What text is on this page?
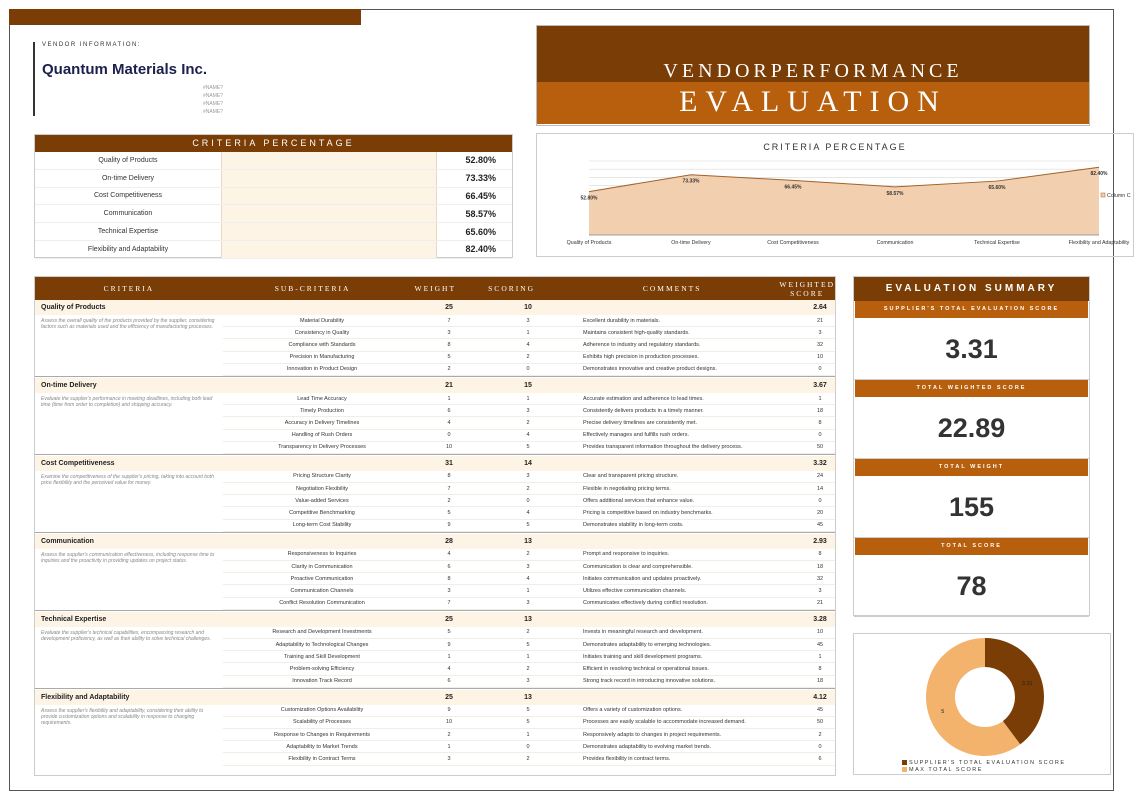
VENDOR INFORMATION:
Quantum Materials Inc.
#NAME?
#NAME?
#NAME?
#NAME?
VENDORPERFORMANCE
EVALUATION
CRITERIA PERCENTAGE
Quality of Products	52.80%
On-time Delivery	73.33%
Cost Competitiveness	66.45%
Communication	58.57%
Technical Expertise	65.60%
Flexibility and Adaptability	82.40%
CRITERIA PERCENTAGE
52.80%
73.33%
66.45%
58.57%
65.60%
82.40%
Quality of Products	On-time Delivery	Cost Competitiveness	Communication	Technical Expertise	Flexibility and Adaptability
Column C
CRITERIA	SUB-CRITERIA	WEIGHT	SCORING	COMMENTS	WEIGHTED SCORE
Quality of Products	25	10	2.64
Assess the overall quality of the products provided by the supplier, considering factors such as materials used and the efficiency of manufacturing processes.
Material Durability	7	3	Excellent durability in materials.	21
Consistency in Quality	3	1	Maintains consistent high-quality standards.	3
Compliance with Standards	8	4	Adherence to industry and regulatory standards.	32
Precision in Manufacturing	5	2	Exhibits high precision in production processes.	10
Innovation in Product Design	2	0	Demonstrates innovative and creative product designs.	0
On-time Delivery	21	15	3.67
Evaluate the supplier's performance in meeting deadlines, including both lead time (time from order to completion) and shipping accuracy.
Lead Time Accuracy	1	1	Accurate estimation and adherence to lead times.	1
Timely Production	6	3	Consistently delivers products in a timely manner.	18
Accuracy in Delivery Timelines	4	2	Precise delivery timelines are consistently met.	8
Handling of Rush Orders	0	4	Effectively manages and fulfills rush orders.	0
Transparency in Delivery Processes	10	5	Provides transparent information throughout the delivery process.	50
Cost Competitiveness	31	14	3.32
Examine the competitiveness of the supplier's pricing, taking into account both price flexibility and the perceived value for money.
Pricing Structure Clarity	8	3	Clear and transparent pricing structure.	24
Negotiation Flexibility	7	2	Flexible in negotiating pricing terms.	14
Value-added Services	2	0	Offers additional services that enhance value.	0
Competitive Benchmarking	5	4	Pricing is competitive based on industry benchmarks.	20
Long-term Cost Stability	9	5	Demonstrates stability in long-term costs.	45
Communication	28	13	2.93
Assess the supplier's communication effectiveness, including response time to inquiries and the proactivity in providing updates on project status.
Responsiveness to Inquiries	4	2	Prompt and responsive to inquiries.	8
Clarity in Communication	6	3	Communication is clear and comprehensible.	18
Proactive Communication	8	4	Initiates communication and updates proactively.	32
Communication Channels	3	1	Utilizes effective communication channels.	3
Conflict Resolution Communication	7	3	Communicates effectively during conflict resolution.	21
Technical Expertise	25	13	3.28
Evaluate the supplier's technical capabilities, encompassing research and development proficiency, as well as their ability to solve technical challenges.
Research and Development Investments	5	2	Invests in meaningful research and development.	10
Adaptability to Technological Changes	9	5	Demonstrates adaptability to emerging technologies.	45
Training and Skill Development	1	1	Initiates training and skill development programs.	1
Problem-solving Efficiency	4	2	Efficient in resolving technical or operational issues.	8
Innovation Track Record	6	3	Strong track record in introducing innovative solutions.	18
Flexibility and Adaptability	25	13	4.12
Assess the supplier's flexibility and adaptability, considering their ability to provide customization options and scalability in response to changing requirements.
Customization Options Availability	9	5	Offers a variety of customization options.	45
Scalability of Processes	10	5	Processes are easily scalable to accommodate increased demand.	50
Response to Changes in Requirements	2	1	Responsively adapts to changes in project requirements.	2
Adaptability to Market Trends	1	0	Demonstrates adaptability to evolving market trends.	0
Flexibility in Contract Terms	3	2	Provides flexibility in contract terms.	6
EVALUATION SUMMARY
SUPPLIER'S TOTAL EVALUATION SCORE
3.31
TOTAL WEIGHTED SCORE
22.89
TOTAL WEIGHT
155
TOTAL SCORE
78
3.31
5
SUPPLIER'S TOTAL EVALUATION SCORE
MAX TOTAL SCORE
